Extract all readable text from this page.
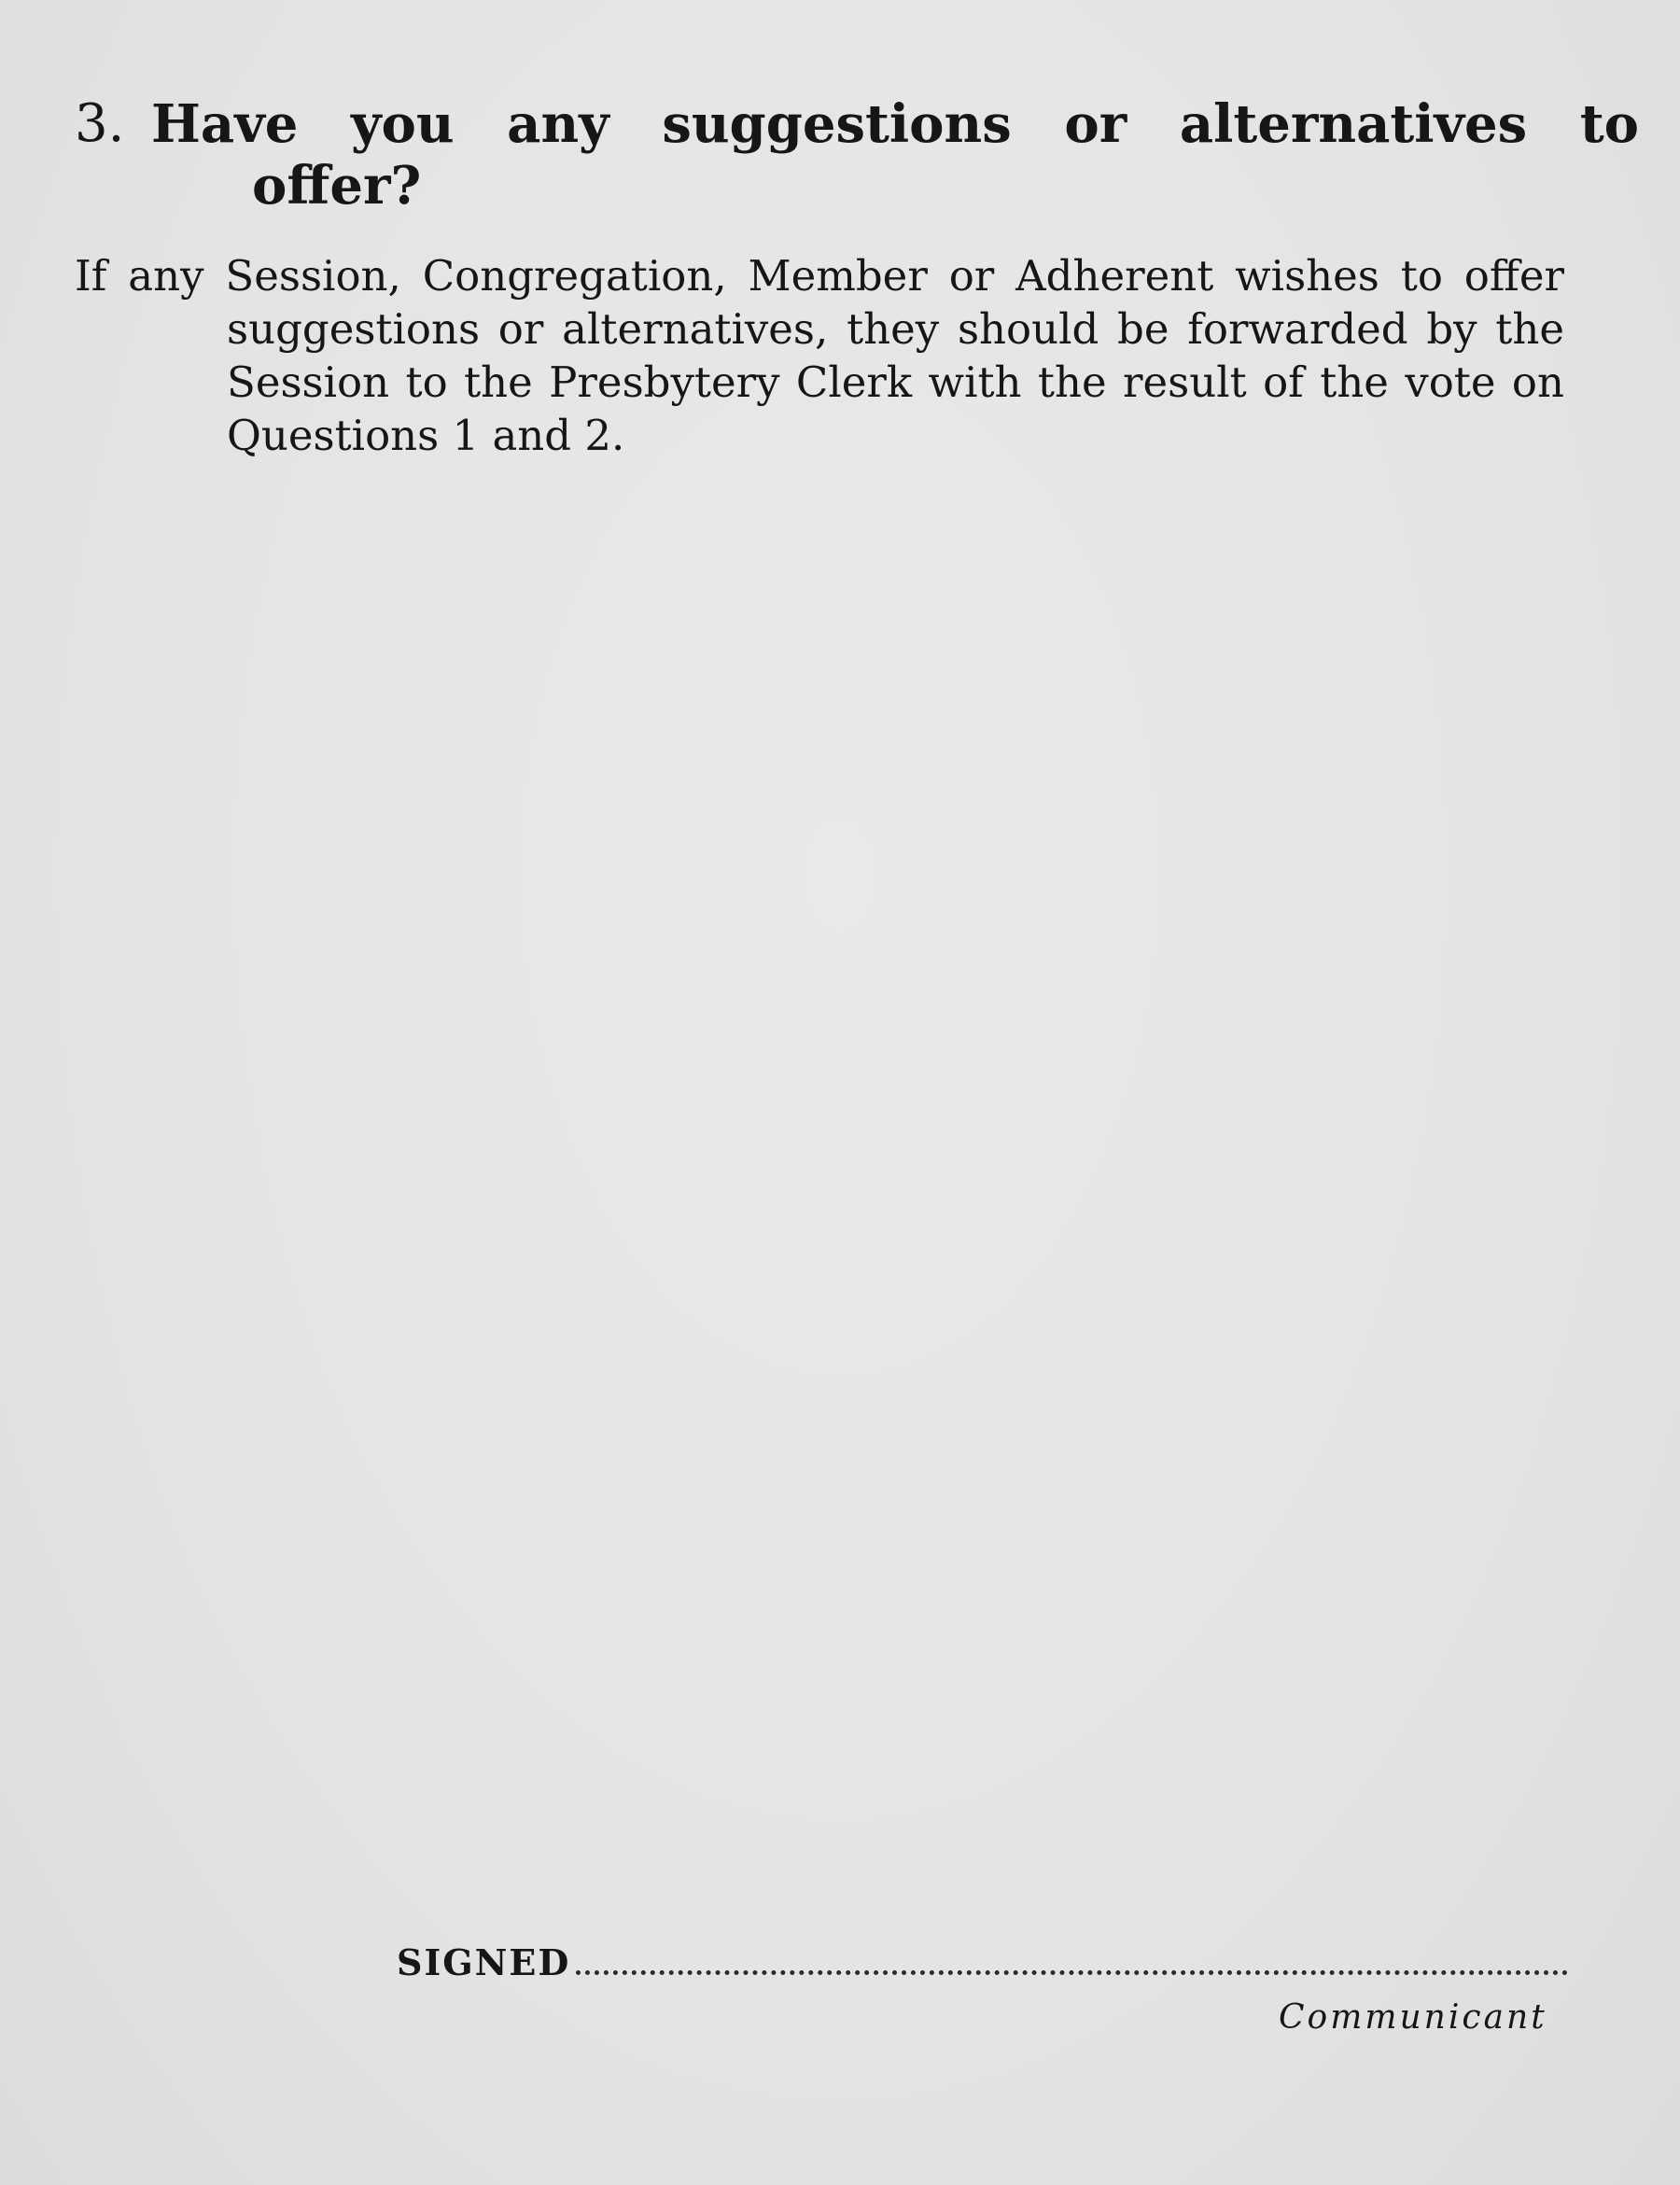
3. Have you any suggestions or alternatives to
offer?
If any Session, Congregation, Member or Adherent wishes to offer
suggestions or alternatives, they should be forwarded by the Session to the Presbytery Clerk with the result of the vote on Questions 1 and 2.
SIGNED
Communicant
